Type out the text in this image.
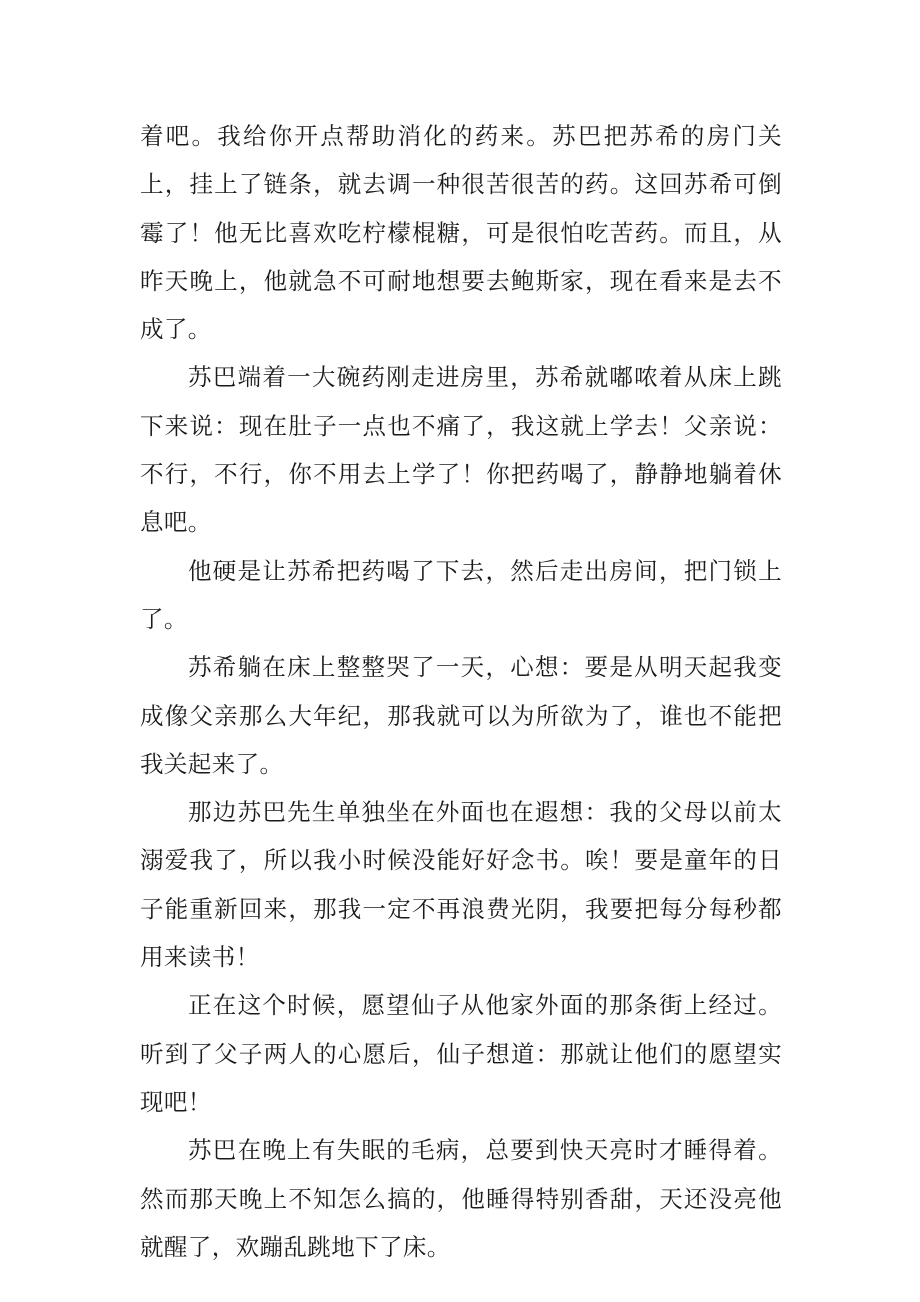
着吧。我给你开点帮助消化的药来。苏巴把苏希的房门关上，挂上了链条，就去调一种很苦很苦的药。这回苏希可倒霉了！他无比喜欢吃柠檬棍糖，可是很怕吃苦药。而且，从昨天晚上，他就急不可耐地想要去鲍斯家，现在看来是去不成了。

苏巴端着一大碗药刚走进房里，苏希就嘟哝着从床上跳下来说：现在肚子一点也不痛了，我这就上学去！父亲说：不行，不行，你不用去上学了！你把药喝了，静静地躺着休息吧。

他硬是让苏希把药喝了下去，然后走出房间，把门锁上了。

苏希躺在床上整整哭了一天，心想：要是从明天起我变成像父亲那么大年纪，那我就可以为所欲为了，谁也不能把我关起来了。

那边苏巴先生单独坐在外面也在遐想：我的父母以前太溺爱我了，所以我小时候没能好好念书。唉！要是童年的日子能重新回来，那我一定不再浪费光阴，我要把每分每秒都用来读书！

正在这个时候，愿望仙子从他家外面的那条街上经过。听到了父子两人的心愿后，仙子想道：那就让他们的愿望实现吧！

苏巴在晚上有失眠的毛病，总要到快天亮时才睡得着。然而那天晚上不知怎么搞的，他睡得特别香甜，天还没亮他就醒了，欢蹦乱跳地下了床。
